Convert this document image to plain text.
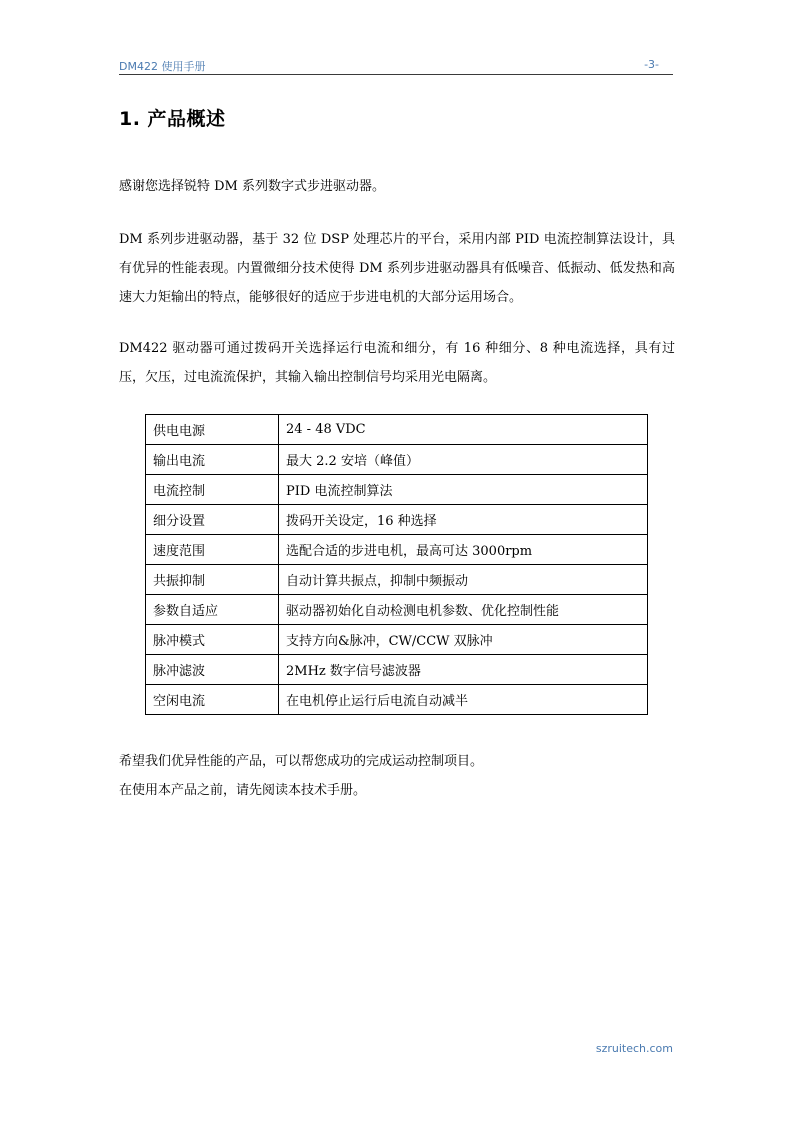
DM422 使用手册	-3-
1. 产品概述

感谢您选择锐特 DM 系列数字式步进驱动器。

DM 系列步进驱动器，基于 32 位 DSP 处理芯片的平台，采用内部 PID 电流控制算法设计，具有优异的性能表现。内置微细分技术使得 DM 系列步进驱动器具有低噪音、低振动、低发热和高速大力矩输出的特点，能够很好的适应于步进电机的大部分运用场合。

DM422 驱动器可通过拨码开关选择运行电流和细分，有 16 种细分、8 种电流选择，具有过压，欠压，过电流流保护，其输入输出控制信号均采用光电隔离。

供电电源	24 - 48 VDC
输出电流	最大 2.2 安培（峰值）
电流控制	PID 电流控制算法
细分设置	拨码开关设定，16 种选择
速度范围	选配合适的步进电机，最高可达 3000rpm
共振抑制	自动计算共振点，抑制中频振动
参数自适应	驱动器初始化自动检测电机参数、优化控制性能
脉冲模式	支持方向&脉冲，CW/CCW 双脉冲
脉冲滤波	2MHz 数字信号滤波器
空闲电流	在电机停止运行后电流自动减半
希望我们优异性能的产品，可以帮您成功的完成运动控制项目。
在使用本产品之前，请先阅读本技术手册。
szruitech.com
